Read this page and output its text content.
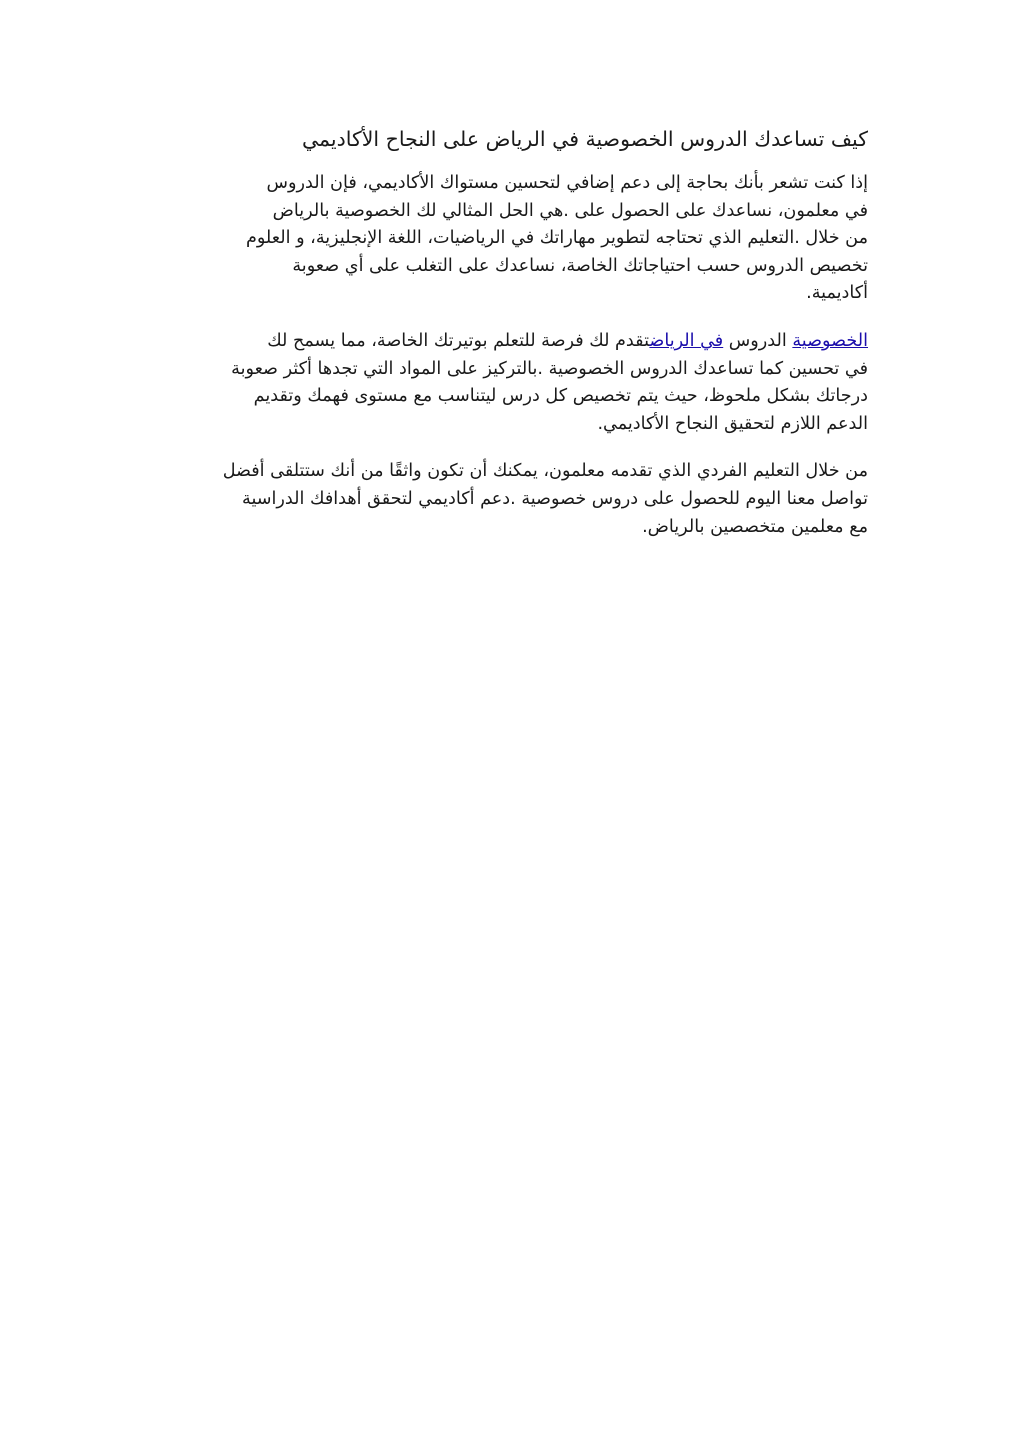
كيف تساعدك الدروس الخصوصية في الرياض على النجاح الأكاديمي
إذا كنت تشعر بأنك بحاجة إلى دعم إضافي لتحسين مستواك الأكاديمي، فإن الدروس
في معلمون، نساعدك على الحصول على .هي الحل المثالي لك الخصوصية بالرياض
من خلال .التعليم الذي تحتاجه لتطوير مهاراتك في الرياضيات، اللغة الإنجليزية، و العلوم
تخصيص الدروس حسب احتياجاتك الخاصة، نساعدك على التغلب على أي صعوبة
.أكاديمية
الخصوصية الدروس في الرياضتقدم لك فرصة للتعلم بوتيرتك الخاصة، مما يسمح لك
في تحسين كما تساعدك الدروس الخصوصية .بالتركيز على المواد التي تجدها أكثر صعوبة
درجاتك بشكل ملحوظ، حيث يتم تخصيص كل درس ليتناسب مع مستوى فهمك وتقديم
.الدعم اللازم لتحقيق النجاح الأكاديمي
من خلال التعليم الفردي الذي تقدمه معلمون، يمكنك أن تكون واثقًا من أنك ستتلقى أفضل
تواصل معنا اليوم للحصول على دروس خصوصية .دعم أكاديمي لتحقق أهدافك الدراسية
.مع معلمين متخصصين بالرياض
